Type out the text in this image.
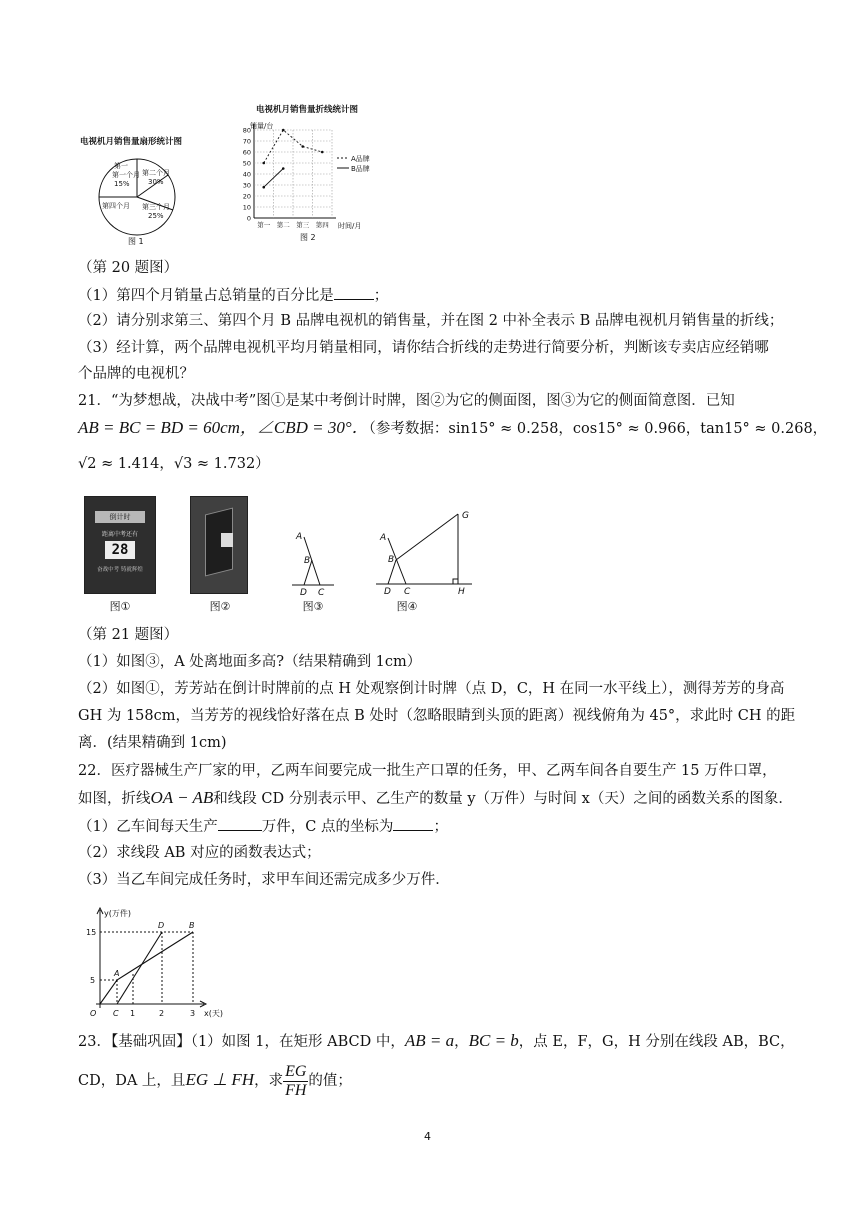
电视机月销售量扇形统计图
第一第一个月
15%
第二个月
30%
第四个月 第三个月
25%
图 1
电视机月销售量折线统计图
销量/台
时间/月
0
10
20
30
40
50
60
70
80
第一 第二 第三 第四
A品牌
B品牌
图 2
（第 20 题图）
（1）第四个月销量占总销量的百分比是	；
（2）请分别求第三、第四个月 B 品牌电视机的销售量，并在图 2 中补全表示 B 品牌电视机月销售量的折线；
（3）经计算，两个品牌电视机平均月销量相同，请你结合折线的走势进行简要分析，判断该专卖店应经销哪
个品牌的电视机？
21．“为梦想战，决战中考”图①是某中考倒计时牌，图②为它的侧面图，图③为它的侧面简意图．已知
AB = BC = BD = 60cm，∠CBD = 30°．（参考数据：sin15° ≈ 0.258，cos15° ≈ 0.966，tan15° ≈ 0.268，
√2 ≈ 1.414，√3 ≈ 1.732）
倒计时
距离中考还有
28
奋战中考 铸就辉煌
图①	图②
A
B
D C
图③
G
A
B
D C	H
图④
（第 21 题图）
（1）如图③，A 处离地面多高?（结果精确到 1cm）
（2）如图①，芳芳站在倒计时牌前的点 H 处观察倒计时牌（点 D，C，H 在同一水平线上），测得芳芳的身高
GH 为 158cm，当芳芳的视线恰好落在点 B 处时（忽略眼睛到头顶的距离）视线俯角为 45°，求此时 CH 的距
离．(结果精确到 1cm)
22．医疗器械生产厂家的甲，乙两车间要完成一批生产口罩的任务，甲、乙两车间各自要生产 15 万件口罩，
如图，折线OA − AB和线段 CD 分别表示甲、乙生产的数量 y（万件）与时间 x（天）之间的函数关系的图象．
（1）乙车间每天生产	万件，C 点的坐标为	；
（2）求线段 AB 对应的函数表达式；
（3）当乙车间完成任务时，求甲车间还需完成多少万件．
y(万件)
x(天)
15
5
1	2	3
O C
A
D	B
23．【基础巩固】（1）如图 1，在矩形 ABCD 中，AB = a，BC = b，点 E，F，G，H 分别在线段 AB，BC，
CD，DA 上，且EG ⊥ FH，求 $\frac{EG}{FH}$ 的值；
4
